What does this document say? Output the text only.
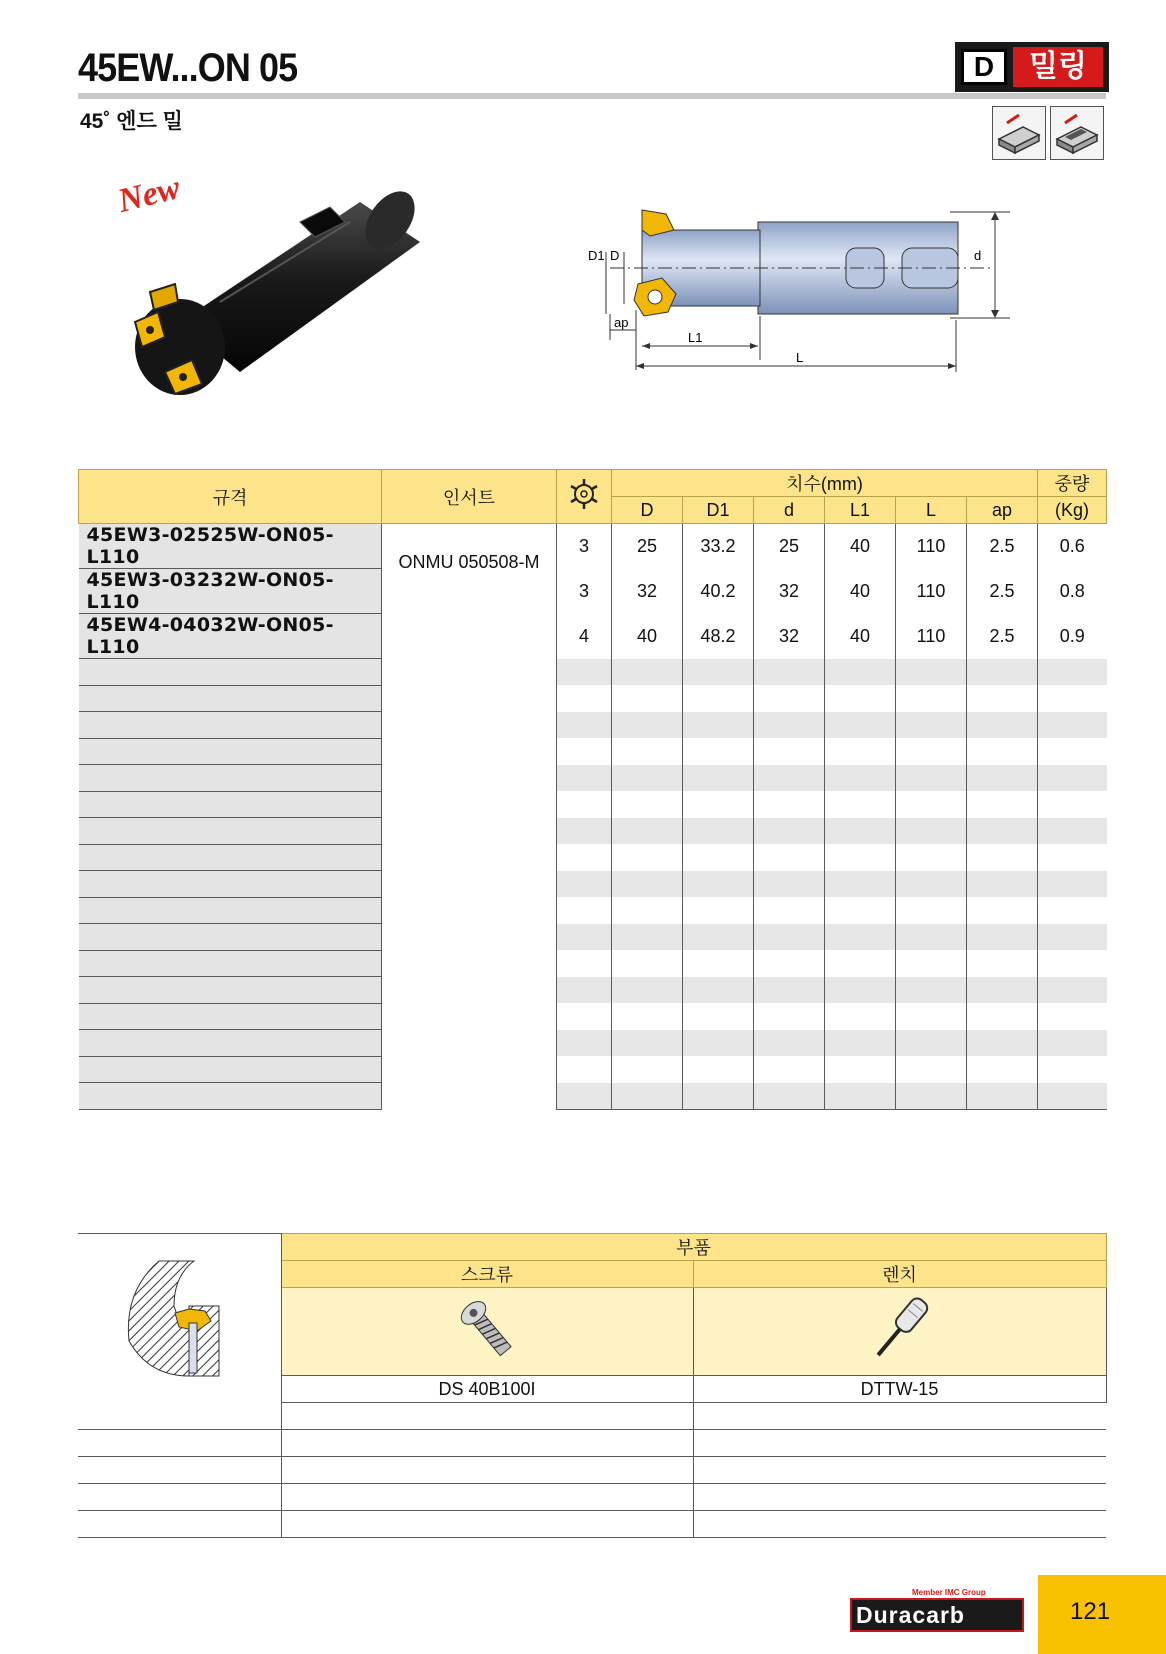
45EW...ON 05
45˚ 엔드 밀
D	밀링
New
D1 D	d
ap
L1
L
규격	인서트		치수(mm)						중량
			D	D1	d	L1	L	ap	(Kg)
45EW3-02525W-ON05-L110	ONMU 050508-M	3	25	33.2	25	40	110	2.5	0.6
45EW3-03232W-ON05-L110		3	32	40.2	32	40	110	2.5	0.8
45EW4-04032W-ON05-L110		4	40	48.2	32	40	110	2.5	0.9

	부품	
	스크류	렌치

	DS 40B100I	DTTW-15

Member IMC Group
Duracarb	121
